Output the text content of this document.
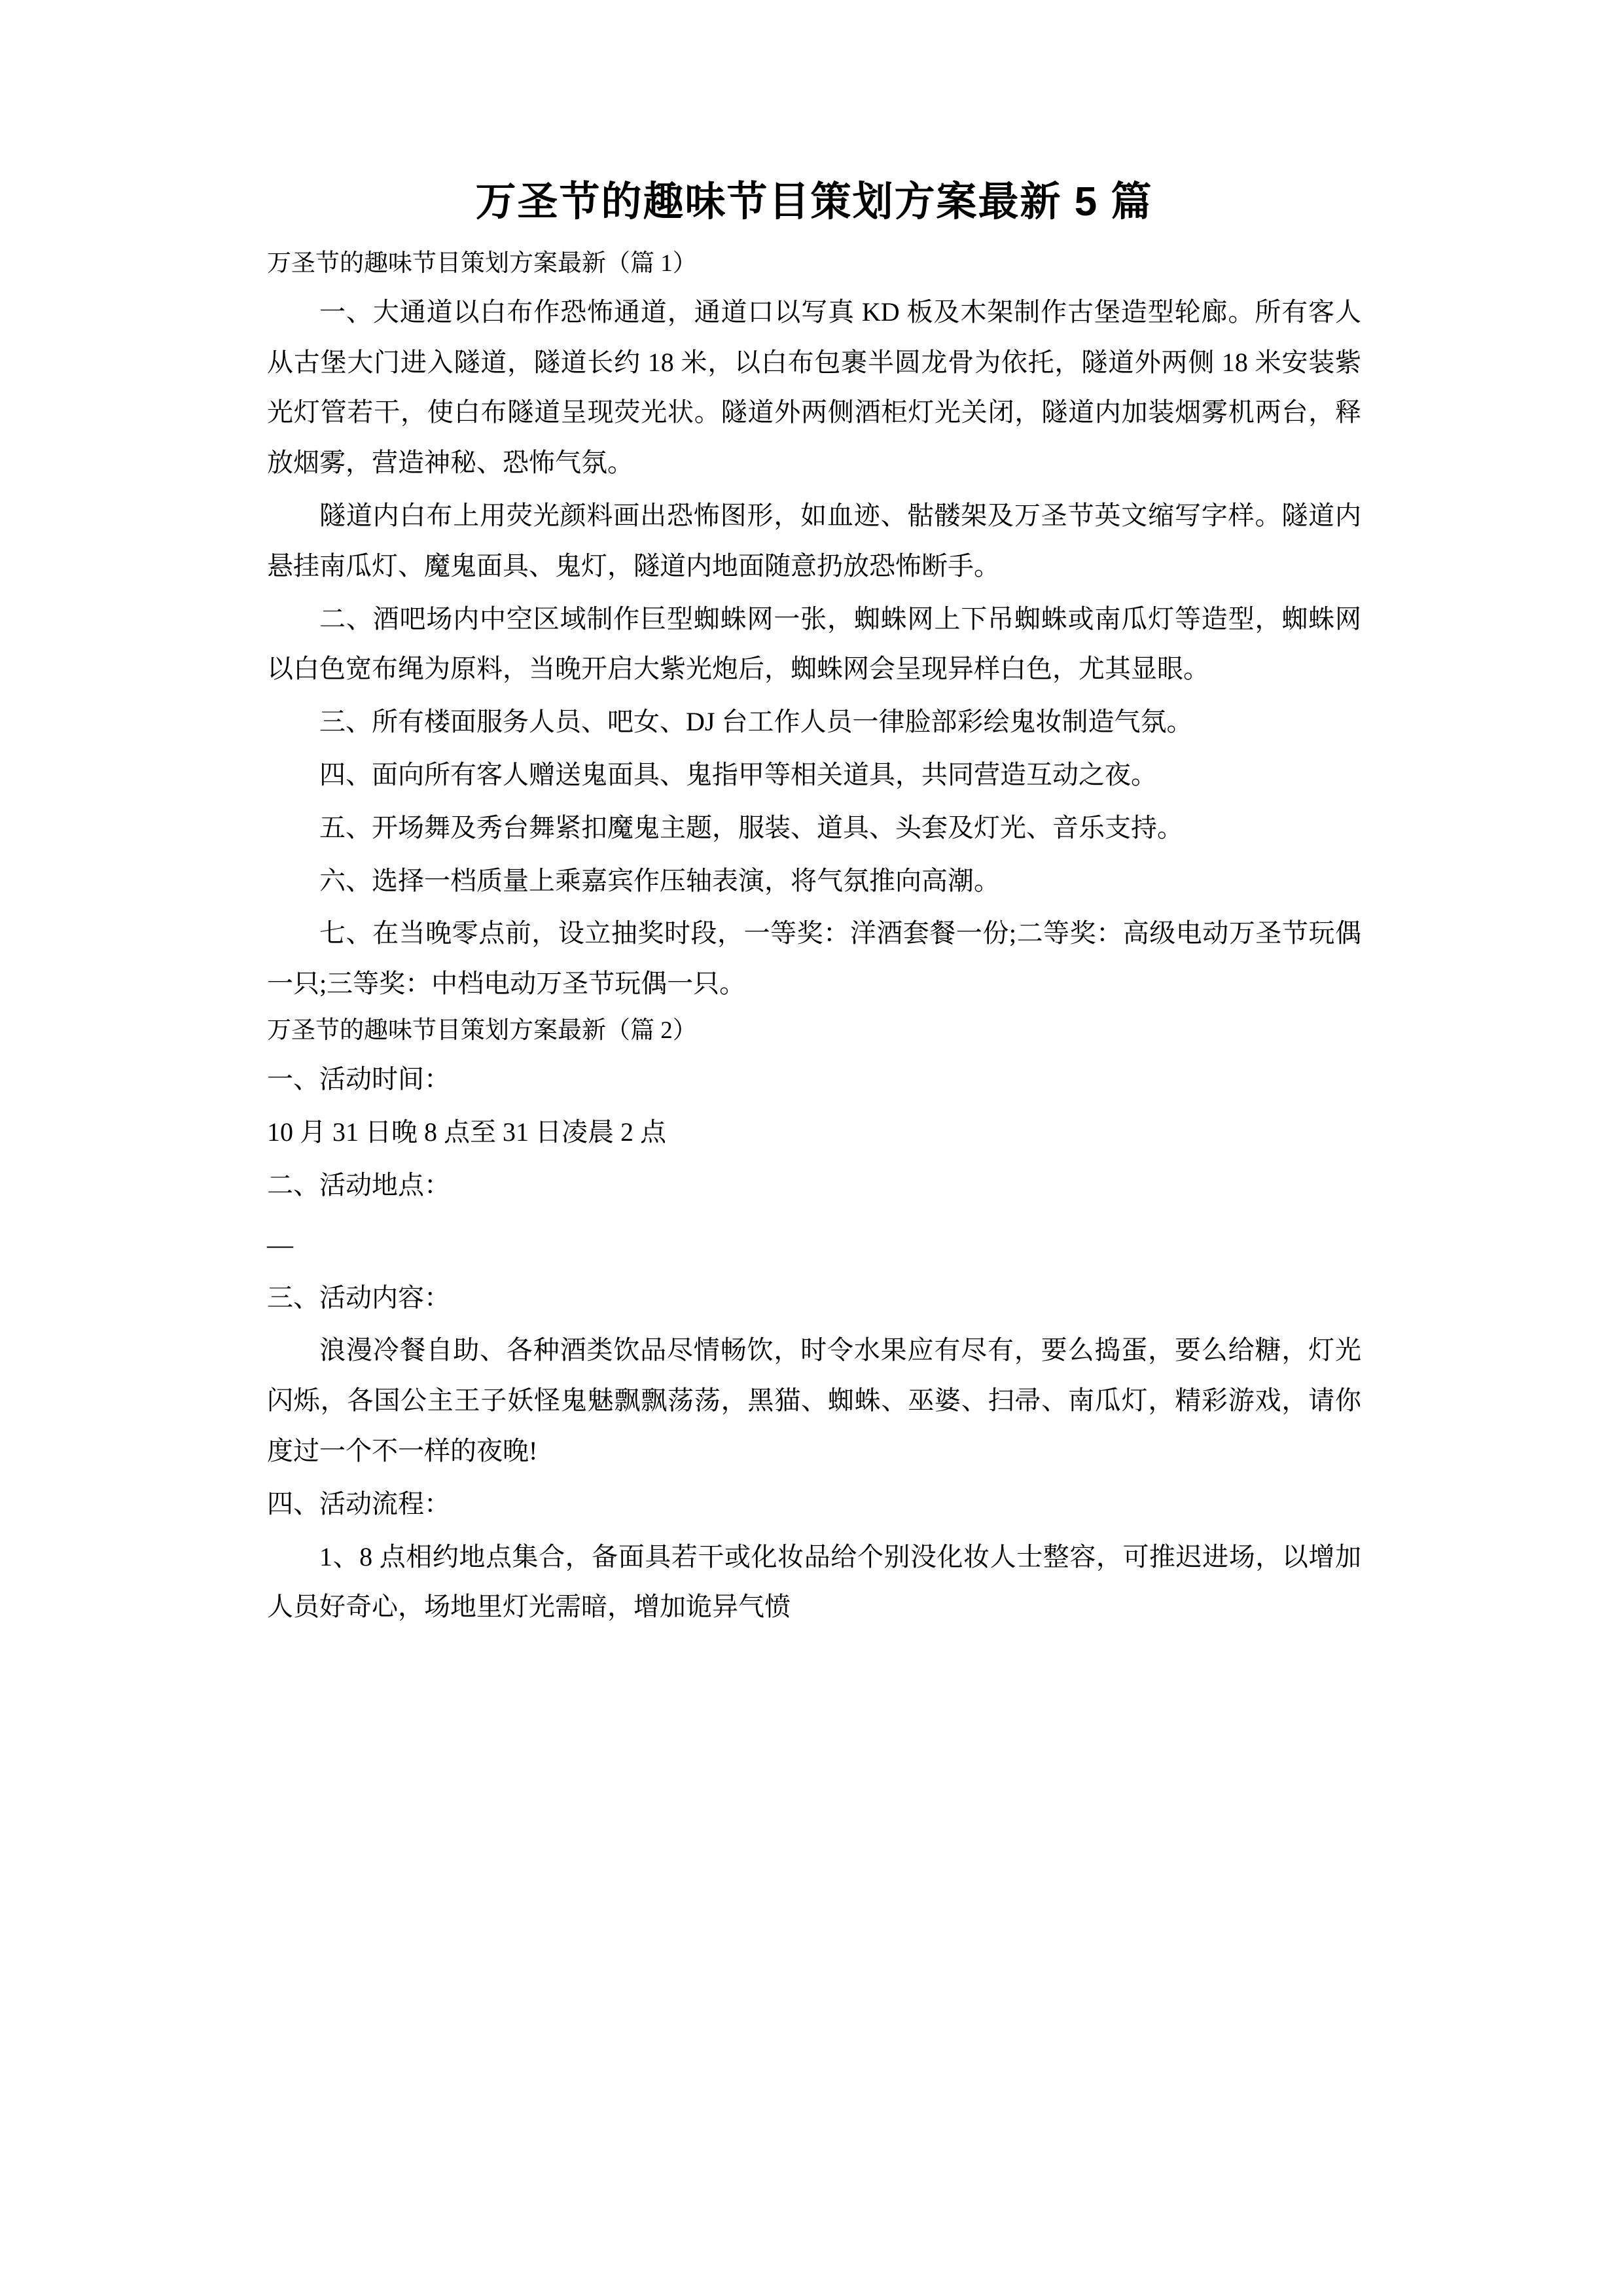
万圣节的趣味节目策划方案最新 5 篇
万圣节的趣味节目策划方案最新（篇 1）

一、大通道以白布作恐怖通道，通道口以写真 KD 板及木架制作古堡造型轮廊。所有客人从古堡大门进入隧道，隧道长约 18 米，以白布包裹半圆龙骨为依托，隧道外两侧 18 米安装紫光灯管若干，使白布隧道呈现荧光状。隧道外两侧酒柜灯光关闭，隧道内加装烟雾机两台，释放烟雾，营造神秘、恐怖气氛。

隧道内白布上用荧光颜料画出恐怖图形，如血迹、骷髅架及万圣节英文缩写字样。隧道内悬挂南瓜灯、魔鬼面具、鬼灯，隧道内地面随意扔放恐怖断手。

二、酒吧场内中空区域制作巨型蜘蛛网一张，蜘蛛网上下吊蜘蛛或南瓜灯等造型，蜘蛛网以白色宽布绳为原料，当晚开启大紫光炮后，蜘蛛网会呈现异样白色，尤其显眼。

三、所有楼面服务人员、吧女、DJ 台工作人员一律脸部彩绘鬼妆制造气氛。

四、面向所有客人赠送鬼面具、鬼指甲等相关道具，共同营造互动之夜。

五、开场舞及秀台舞紧扣魔鬼主题，服装、道具、头套及灯光、音乐支持。

六、选择一档质量上乘嘉宾作压轴表演，将气氛推向高潮。

七、在当晚零点前，设立抽奖时段，一等奖：洋酒套餐一份;二等奖：高级电动万圣节玩偶一只;三等奖：中档电动万圣节玩偶一只。

万圣节的趣味节目策划方案最新（篇 2）

一、活动时间：

10 月 31 日晚 8 点至 31 日凌晨 2 点

二、活动地点：

—

三、活动内容：

浪漫冷餐自助、各种酒类饮品尽情畅饮，时令水果应有尽有，要么捣蛋，要么给糖，灯光闪烁，各国公主王子妖怪鬼魅飘飘荡荡，黑猫、蜘蛛、巫婆、扫帚、南瓜灯，精彩游戏，请你度过一个不一样的夜晚!

四、活动流程：

1、8 点相约地点集合，备面具若干或化妆品给个别没化妆人士整容，可推迟进场，以增加人员好奇心，场地里灯光需暗，增加诡异气愤
